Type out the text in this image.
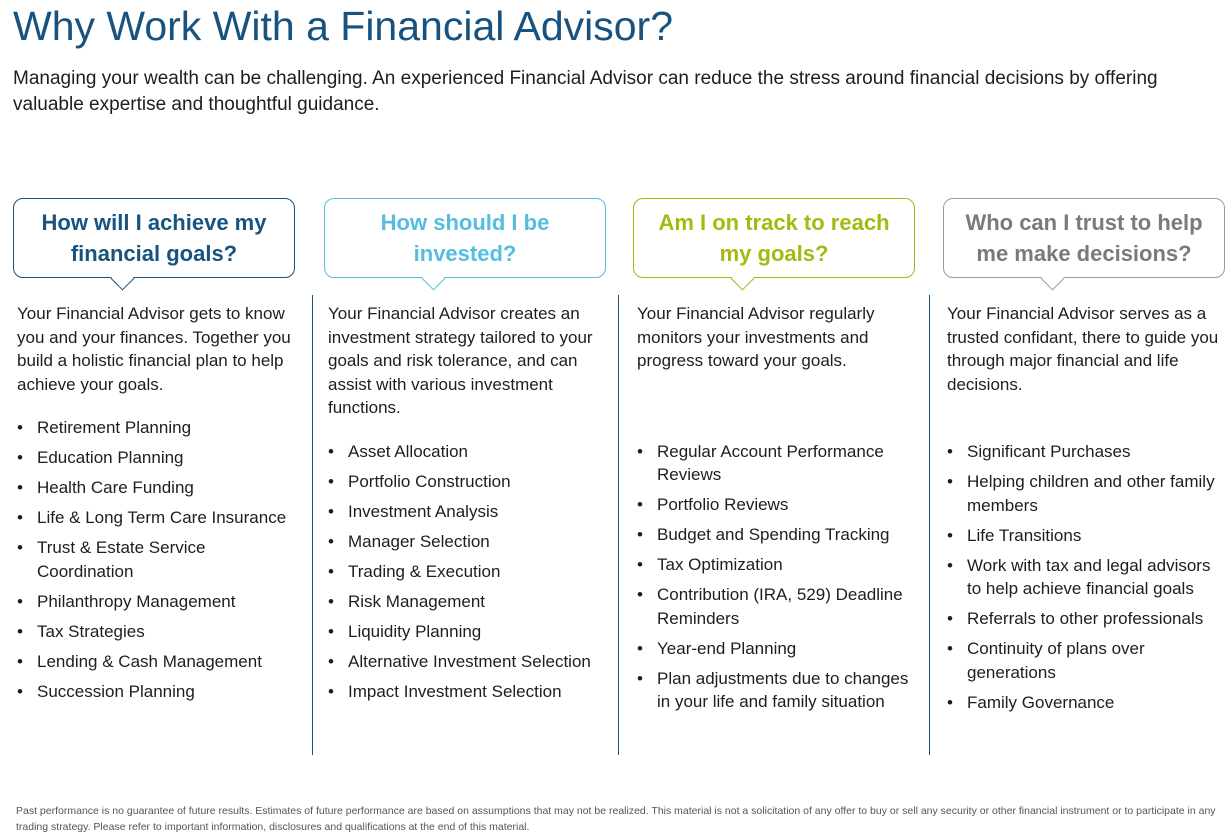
Why Work With a Financial Advisor?

Managing your wealth can be challenging. An experienced Financial Advisor can reduce the stress around financial decisions by offering valuable expertise and thoughtful guidance.

How will I achieve my financial goals?
Your Financial Advisor gets to know you and your finances. Together you build a holistic financial plan to help achieve your goals.
• Retirement Planning
• Education Planning
• Health Care Funding
• Life & Long Term Care Insurance
• Trust & Estate Service Coordination
• Philanthropy Management
• Tax Strategies
• Lending & Cash Management
• Succession Planning
How should I be invested?
Your Financial Advisor creates an investment strategy tailored to your goals and risk tolerance, and can assist with various investment functions.
• Asset Allocation
• Portfolio Construction
• Investment Analysis
• Manager Selection
• Trading & Execution
• Risk Management
• Liquidity Planning
• Alternative Investment Selection
• Impact Investment Selection
Am I on track to reach my goals?
Your Financial Advisor regularly monitors your investments and progress toward your goals.
• Regular Account Performance Reviews
• Portfolio Reviews
• Budget and Spending Tracking
• Tax Optimization
• Contribution (IRA, 529) Deadline Reminders
• Year-end Planning
• Plan adjustments due to changes in your life and family situation
Who can I trust to help me make decisions?
Your Financial Advisor serves as a trusted confidant, there to guide you through major financial and life decisions.
• Significant Purchases
• Helping children and other family members
• Life Transitions
• Work with tax and legal advisors to help achieve financial goals
• Referrals to other professionals
• Continuity of plans over generations
• Family Governance

Past performance is no guarantee of future results. Estimates of future performance are based on assumptions that may not be realized. This material is not a solicitation of any offer to buy or sell any security or other financial instrument or to participate in any trading strategy. Please refer to important information, disclosures and qualifications at the end of this material.
